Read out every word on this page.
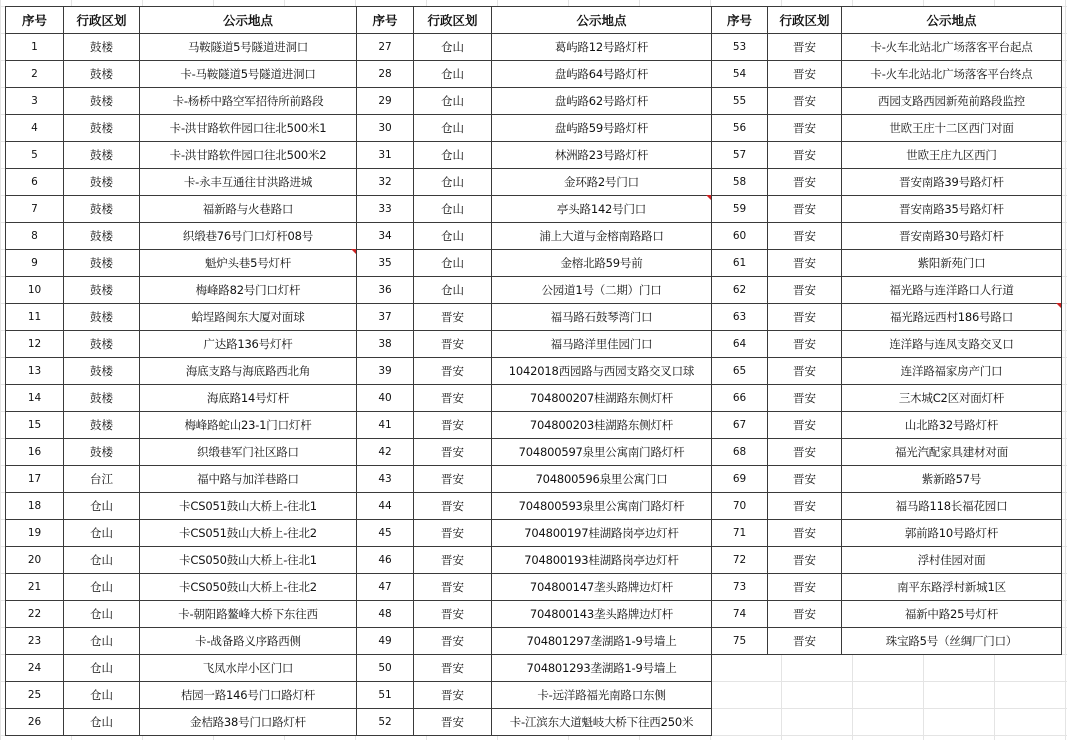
序号	行政区划	公示地点
1	鼓楼	马鞍隧道5号隧道进洞口
2	鼓楼	卡-马鞍隧道5号隧道进洞口
3	鼓楼	卡-杨桥中路空军招待所前路段
4	鼓楼	卡-洪甘路软件园口往北500米1
5	鼓楼	卡-洪甘路软件园口往北500米2
6	鼓楼	卡-永丰互通往甘洪路进城
7	鼓楼	福新路与火巷路口
8	鼓楼	织缎巷76号门口灯杆08号
9	鼓楼	魁炉头巷5号灯杆
10	鼓楼	梅峰路82号门口灯杆
11	鼓楼	蛤埕路闽东大厦对面球
12	鼓楼	广达路136号灯杆
13	鼓楼	海底支路与海底路西北角
14	鼓楼	海底路14号灯杆
15	鼓楼	梅峰路蛇山23-1门口灯杆
16	鼓楼	织缎巷军门社区路口
17	台江	福中路与加洋巷路口
18	仓山	卡CS051鼓山大桥上-往北1
19	仓山	卡CS051鼓山大桥上-往北2
20	仓山	卡CS050鼓山大桥上-往北1
21	仓山	卡CS050鼓山大桥上-往北2
22	仓山	卡-朝阳路鳌峰大桥下东往西
23	仓山	卡-战备路义序路西侧
24	仓山	飞凤水岸小区门口
25	仓山	桔园一路146号门口路灯杆
26	仓山	金桔路38号门口路灯杆
序号	行政区划	公示地点
27	仓山	葛屿路12号路灯杆
28	仓山	盘屿路64号路灯杆
29	仓山	盘屿路62号路灯杆
30	仓山	盘屿路59号路灯杆
31	仓山	林洲路23号路灯杆
32	仓山	金环路2号门口
33	仓山	亭头路142号门口
34	仓山	浦上大道与金榕南路路口
35	仓山	金榕北路59号前
36	仓山	公园道1号（二期）门口
37	晋安	福马路石鼓琴湾门口
38	晋安	福马路洋里佳园门口
39	晋安	1042018西园路与西园支路交叉口球
40	晋安	704800207桂湖路东侧灯杆
41	晋安	704800203桂湖路东侧灯杆
42	晋安	704800597泉里公寓南门路灯杆
43	晋安	704800596泉里公寓门口
44	晋安	704800593泉里公寓南门路灯杆
45	晋安	704800197桂湖路岗亭边灯杆
46	晋安	704800193桂湖路岗亭边灯杆
47	晋安	704800147垄头路牌边灯杆
48	晋安	704800143垄头路牌边灯杆
49	晋安	704801297垄湖路1-9号墙上
50	晋安	704801293垄湖路1-9号墙上
51	晋安	卡-远洋路福光南路口东侧
52	晋安	卡-江滨东大道魁岐大桥下往西250米
序号	行政区划	公示地点
53	晋安	卡-火车北站北广场落客平台起点
54	晋安	卡-火车北站北广场落客平台终点
55	晋安	西园支路西园新苑前路段监控
56	晋安	世欧王庄十二区西门对面
57	晋安	世欧王庄九区西门
58	晋安	晋安南路39号路灯杆
59	晋安	晋安南路35号路灯杆
60	晋安	晋安南路30号路灯杆
61	晋安	紫阳新苑门口
62	晋安	福光路与连洋路口人行道
63	晋安	福光路远西村186号路口
64	晋安	连洋路与连凤支路交叉口
65	晋安	连洋路福家房产门口
66	晋安	三木城C2区对面灯杆
67	晋安	山北路32号路灯杆
68	晋安	福光汽配家具建材对面
69	晋安	紫新路57号
70	晋安	福马路118长福花园口
71	晋安	郭前路10号路灯杆
72	晋安	浮村佳园对面
73	晋安	南平东路浮村新城1区
74	晋安	福新中路25号灯杆
75	晋安	珠宝路5号（丝绸厂门口）
